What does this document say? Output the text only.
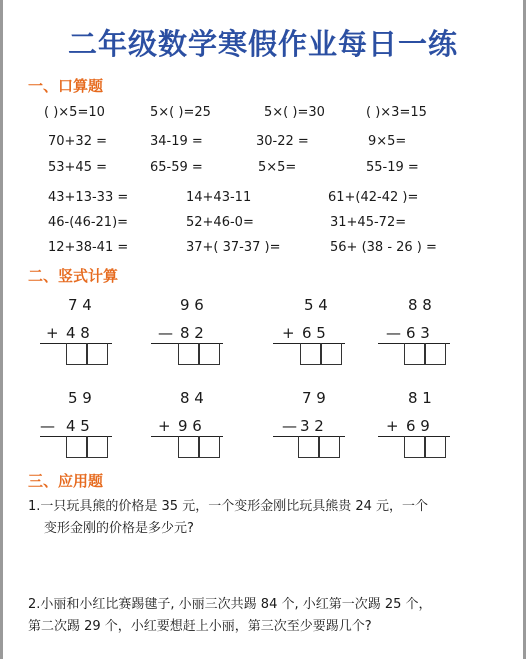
二年级数学寒假作业每日一练
一、口算题
( )×5=10	5×( )=25	5×( )=30	( )×3=15
70+32 =	34-19 =	30-22 =	9×5=
53+45 =	65-59 =	5×5=	55-19 =
43+13-33 =	14+43-11	61+(42-42 )=
46-(46-21)=	52+46-0=	31+45-72=
12+38-41 =	37+( 37-37 )=	56+ (38 - 26 ) =
二、竖式计算
7 4
+ 4 8
9 6
— 8 2
5 4
+ 6 5
8 8
— 6 3
5 9
— 4 5
8 4
+ 9 6
7 9
— 3 2
8 1
+ 6 9
三、应用题
1.一只玩具熊的价格是 35 元，一个变形金刚比玩具熊贵 24 元，一个
变形金刚的价格是多少元?
2.小丽和小红比赛踢毽子, 小丽三次共踢 84 个, 小红第一次踢 25 个，
第二次踢 29 个，小红要想赶上小丽，第三次至少要踢几个?
